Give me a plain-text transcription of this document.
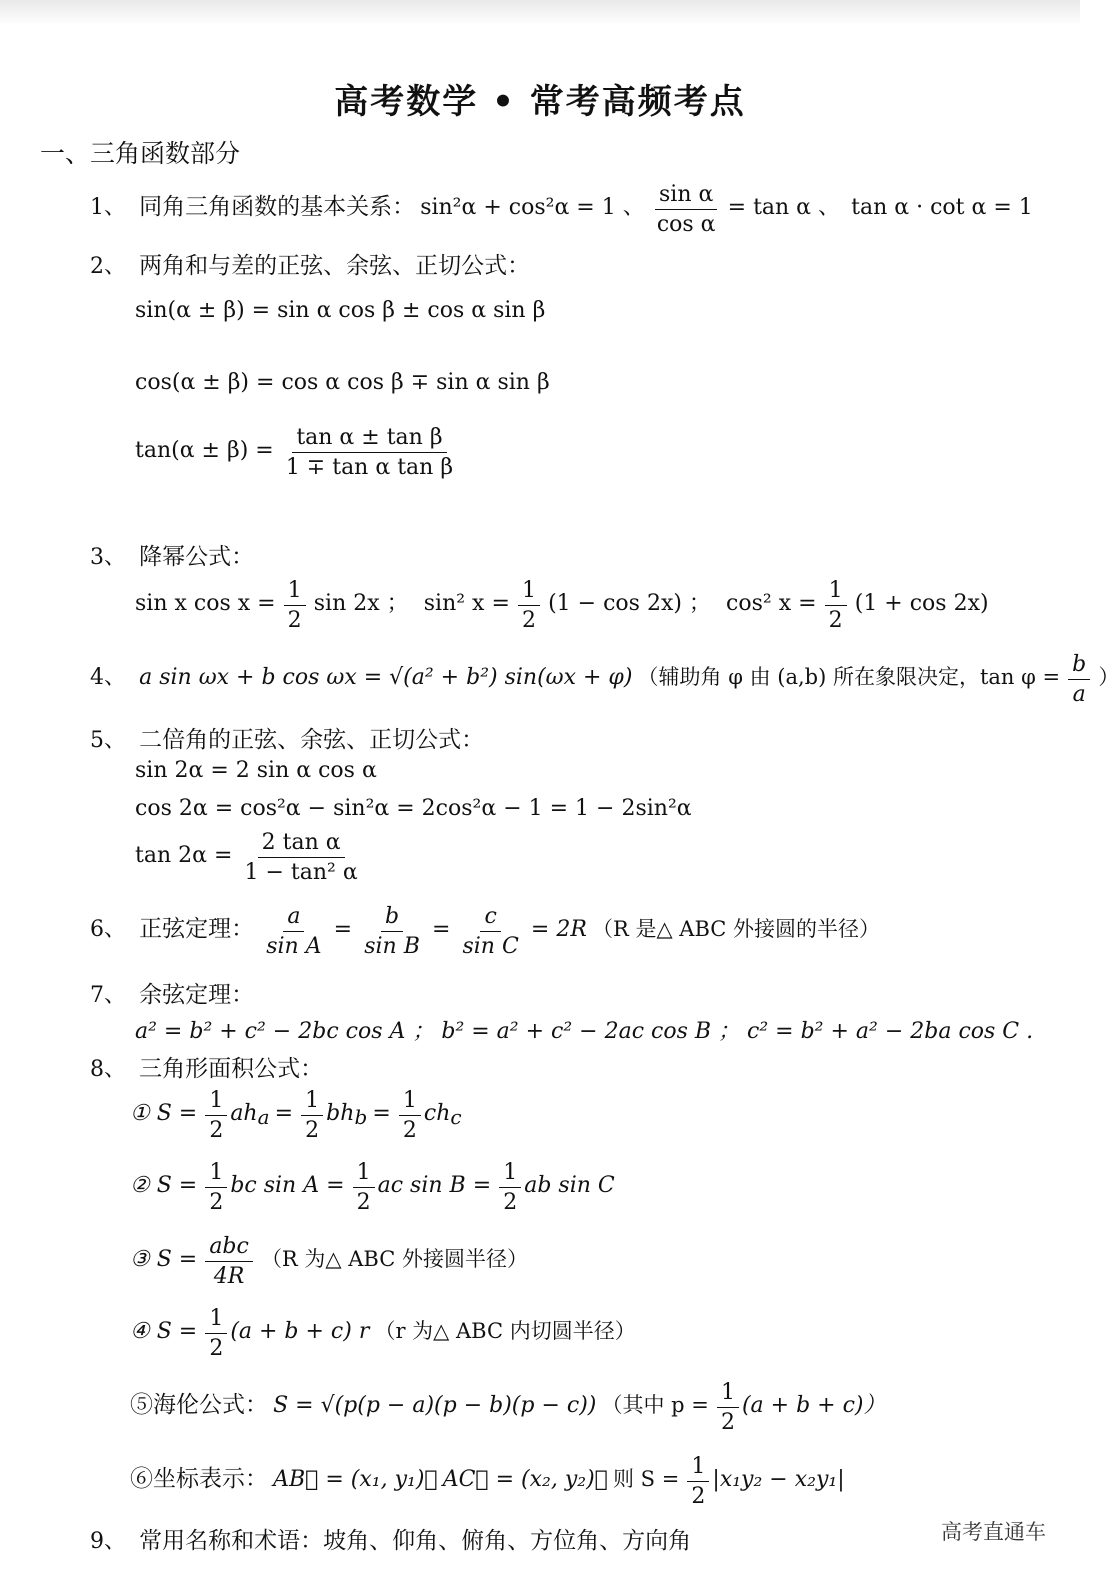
高考数学 • 常考高频考点
一、三角函数部分
1、 同角三角函数的基本关系： sin²α + cos²α = 1 、 $\frac{\text{sin α}}{\text{cos α}} = \tan \alpha$ 、 tan α · cot α = 1
2、 两角和与差的正弦、余弦、正切公式：
sin(α ± β) = sin α cos β ± cos α sin β
cos(α ± β) = cos α cos β ∓ sin α sin β
$\tan(\alpha \pm \beta) = \frac{\text{tan α ± tan β}}{\text{1 ∓ tan α tan β}}$
3、 降幂公式：
sin x $\cos x = \frac{1}{2}$ sin 2x ； sin² $x = \frac{1}{2} (1 - \cos 2x)$ ； cos² $x = \frac{1}{2} (1 + \cos 2x)$
4、 a sin ωx + b cos ωx = √(a² + b²) sin(ωx + φ) （辅助角 φ 由 (a,b) 所在象限决定，$\tan \varphi = \frac{b}{a}$ ）
5、 二倍角的正弦、余弦、正切公式：
sin 2α = 2 sin α cos α
cos 2α = cos²α − sin²α = 2cos²α − 1 = 1 − 2sin²α
$\tan 2\alpha = \frac{\text{2 tan α}}{\text{1 − tan² α}}$
6、 正弦定理： $\frac{a}{\text{sin A}} = \frac{b}{\text{sin B}} = \frac{c}{\text{sin C}} = 2R$ （R 是△ ABC 外接圆的半径）
7、 余弦定理：
a² = b² + c² − 2bc cos A ； b² = a² + c² − 2ac cos B ； c² = b² + a² − 2ba cos C .
8、 三角形面积公式：
① $S = \frac{1}{2} ah_a = \frac{1}{2} bh_b = \frac{1}{2} ch_c$
② $S = \frac{1}{2}$ bc $\sin A = \frac{1}{2}$ ac $\sin B = \frac{1}{2}$ ab sin C
③ $S = \frac{\text{abc}}{4R} (R$ 为△ ABC 外接圆半径）
④ $S = \frac{1}{2} (a + b + c)$ r （r 为△ ABC 内切圆半径）
⑤海伦公式： S = √(p(p − a)(p − b)(p − c)) （其中 $p = \frac{1}{2} (a + b + c)$）
⑥坐标表示： AB⃗ = (x₁, y₁)， AC⃗ = (x₂, y₂)， 则 $S = \frac{1}{2} |x_1y_2 - x_2y_1|$
9、 常用名称和术语：坡角、仰角、俯角、方位角、方向角	高考直通车
